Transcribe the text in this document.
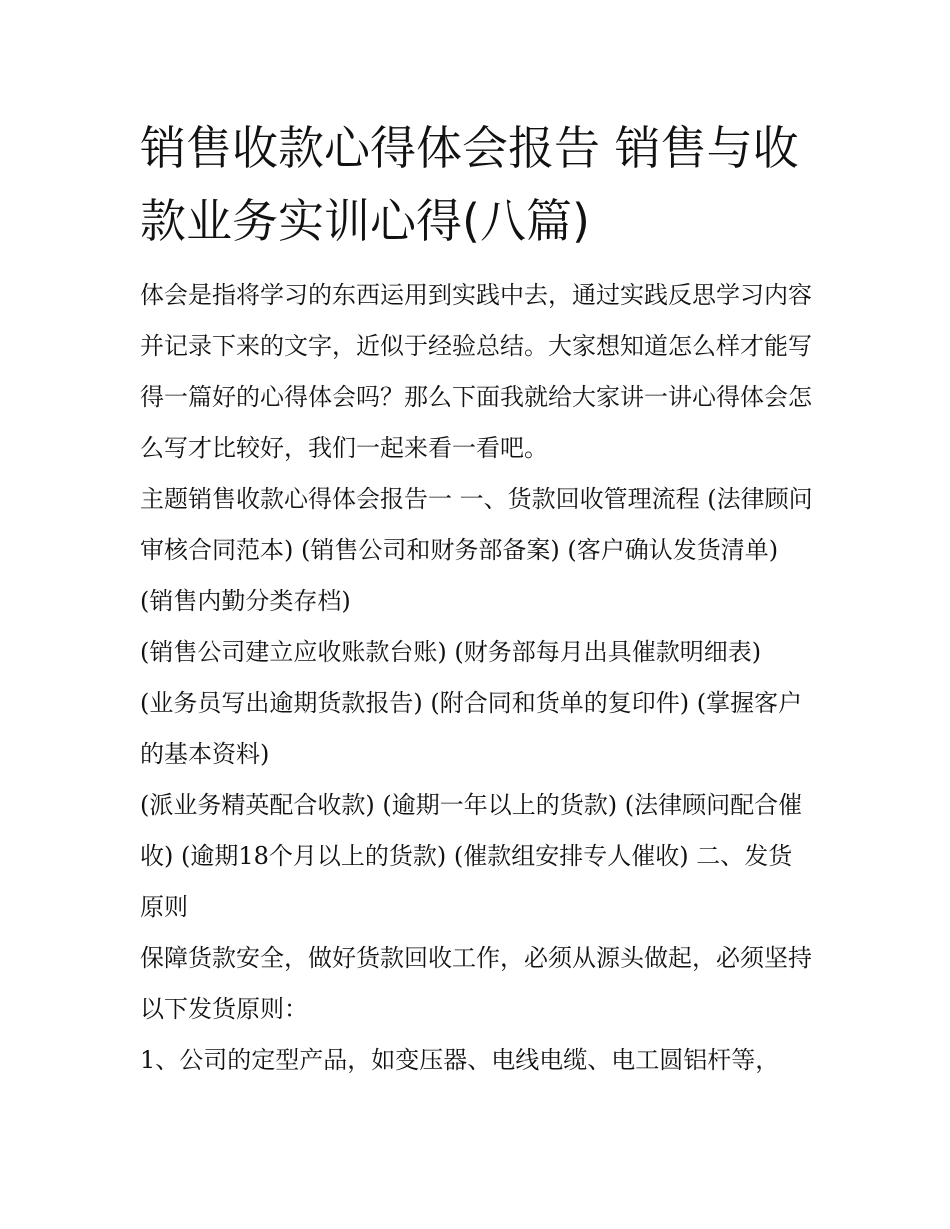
销售收款心得体会报告 销售与收款业务实训心得(八篇)

体会是指将学习的东西运用到实践中去，通过实践反思学习内容并记录下来的文字，近似于经验总结。大家想知道怎么样才能写得一篇好的心得体会吗？那么下面我就给大家讲一讲心得体会怎么写才比较好，我们一起来看一看吧。

主题销售收款心得体会报告一 一、货款回收管理流程 (法律顾问审核合同范本) (销售公司和财务部备案) (客户确认发货清单) (销售内勤分类存档)

(销售公司建立应收账款台账) (财务部每月出具催款明细表)

(业务员写出逾期货款报告) (附合同和货单的复印件) (掌握客户的基本资料)

(派业务精英配合收款) (逾期一年以上的货款) (法律顾问配合催收) (逾期18个月以上的货款) (催款组安排专人催收) 二、发货原则

保障货款安全，做好货款回收工作，必须从源头做起，必须坚持以下发货原则：

1、公司的定型产品，如变压器、电线电缆、电工圆铝杆等，
